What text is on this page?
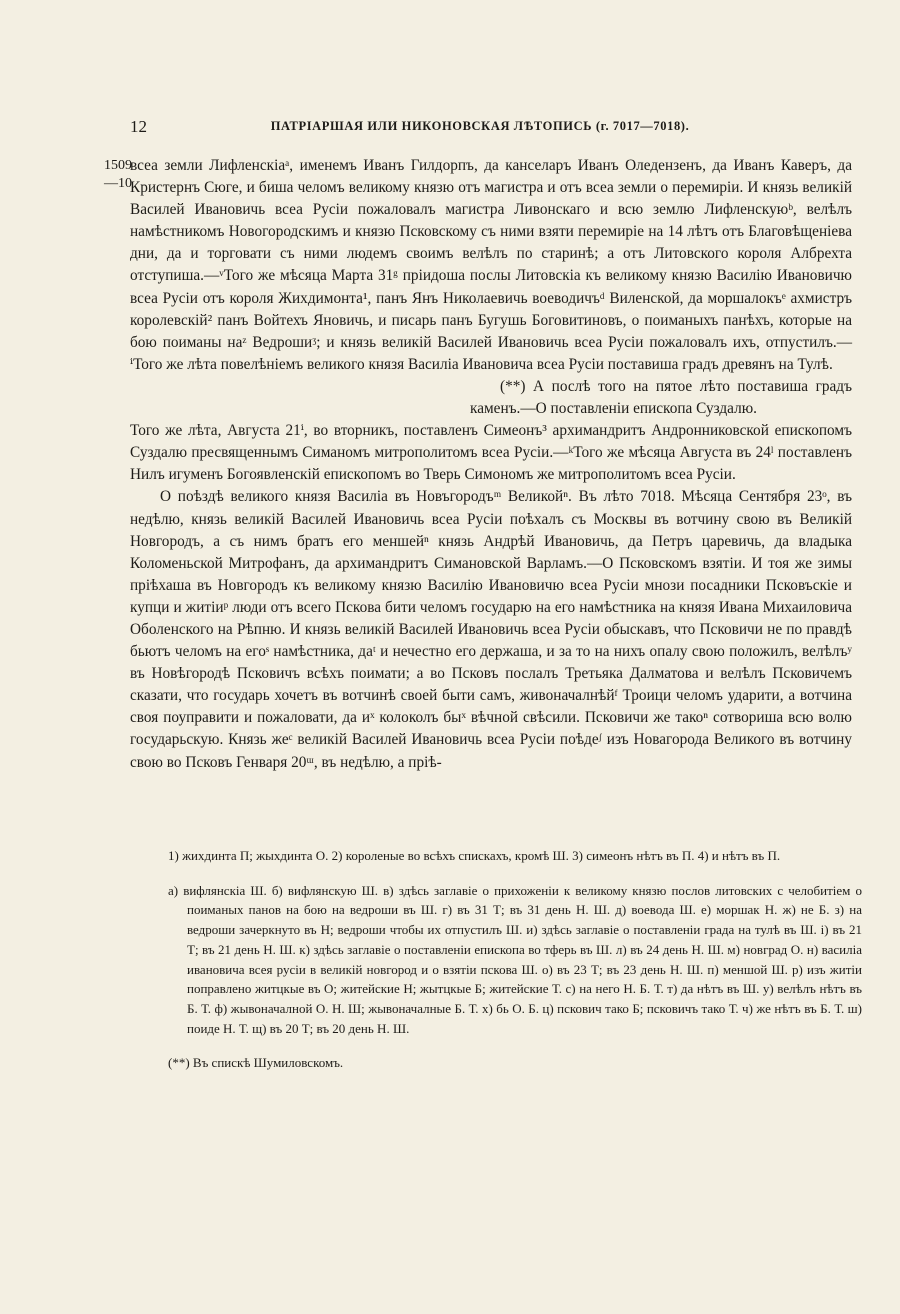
12	ПАТРІАРШАЯ ИЛИ НИКОНОВСКАЯ ЛѢТОПИСЬ (г. 7017—7018).
1509 —10

всеа земли Лифленскіаᵃ, именемъ Иванъ Гилдорпъ, да канселаръ Иванъ Оледензенъ, да Иванъ Каверъ, да Кристернъ Сюге, и биша челомъ великому князю отъ магистра и отъ всеа земли о перемиріи. И князь великій Василей Ивановичь всеа Русіи пожаловалъ магистра Ливонскаго и всю землю Лифленскуюᵇ, велѣлъ намѣстникомъ Новогородскимъ и князю Псковскому съ ними взяти перемиріе на 14 лѣтъ отъ Благовѣщеніева дни, да и торговати съ ними людемъ своимъ велѣлъ по старинѣ; а отъ Литовского короля Албрехта отступиша.—ᵛТого же мѣсяца Марта 31ᵍ пріидоша послы Литовскіа къ великому князю Василію Ивановичю всеа Русіи отъ короля Жихдимонта¹, панъ Янъ Николаевичь воеводичъᵈ Виленской, да моршалокъᵉ ахмистръ королевскій² панъ Войтехъ Яновичь, и писарь панъ Бугушь Боговитиновъ, о поиманыхъ панѣхъ, которые на бою поиманы наᶻ Ведрошиᶾ; и князь великій Василей Ивановичь всеа Русіи пожаловалъ ихъ, отпустилъ.—ⁱТого же лѣта повелѣніемъ великого князя Василіа Ивановича всеа Русіи поставиша градъ древянъ на Тулѣ.

(**) А послѣ того на пятое лѣто поставиша градъ каменъ.—О поставленіи епископа Суздалю.

Того же лѣта, Августа 21ⁱ, во вторникъ, поставленъ Симеонъ³ архимандритъ Андронниковской епископомъ Суздалю пресвященнымъ Симаномъ митрополитомъ всеа Русіи.—ᵏТого же мѣсяца Августа въ 24ˡ поставленъ Нилъ игуменъ Богоявленскій епископомъ во Тверь Симономъ же митрополитомъ всеа Русіи.

О поѣздѣ великого князя Василіа въ Новъгородъᵐ Великойⁿ. Въ лѣто 7018. Мѣсяца Сентября 23ᵒ, въ недѣлю, князь великій Василей Ивановичь всеа Русіи поѣхалъ съ Москвы въ вотчину свою въ Великій Новгородъ, а съ нимъ братъ его меншейⁿ князь Андрѣй Ивановичь, да Петръ царевичь, да владыка Коломеньской Митрофанъ, да архимандритъ Симановской Варламъ.—О Псковскомъ взятіи. И тоя же зимы пріѣхаша въ Новгородъ къ великому князю Василію Ивановичю всеа Русіи мнози посадники Псковъскіе и купци и житіиᵖ люди отъ всего Пскова бити челомъ государю на его намѣстника на князя Ивана Михаиловича Оболенского на Рѣпню. И князь великій Василей Ивановичь всеа Русіи обыскавъ, что Псковичи не по правдѣ бьютъ челомъ на егоˢ намѣстника, даᵗ и нечестно его держаша, и за то на нихъ опалу свою положилъ, велѣлъʸ въ Новѣгородѣ Псковичъ всѣхъ поимати; а во Псковъ послалъ Третьяка Далматова и велѣлъ Псковичемъ сказати, что государь хочетъ въ вотчинѣ своей быти самъ, живоначалнѣйᶠ Троици челомъ ударити, а вотчина своя поуправити и пожаловати, да иˣ колоколъ быˣ вѣчной свѣсили. Псковичи же такоⁿ сотвориша всю волю государьскую. Князь жеᶜ великій Василей Ивановичь всеа Русіи поѣдеᶴ изъ Новагорода Великого въ вотчину свою во Псковъ Генваря 20ᵚ, въ недѣлю, а пріѣ-

1) жихдинта П; жыхдинта О. 2) короленые во всѣхъ спискахъ, кромѣ Ш. 3) симеонъ нѣтъ въ П. 4) и нѣтъ въ П.

а) вифлянскіа Ш. б) вифлянскую Ш. в) здѣсь заглавіе о прихоженіи к великому князю послов литовских с челобитіем о пoиманых панов на бою на ведроши въ Ш. г) въ 31 Т; въ 31 день Н. Ш. д) воевода Ш. е) моршак Н. ж) не Б. з) на ведроши зачеркнуто въ Н; ведроши чтобы их отпустилъ Ш. и) здѣсь заглавіе о поставленіи града на тулѣ въ Ш. і) въ 21 Т; въ 21 день Н. Ш. к) здѣсь заглавіе о поставленіи епископа во тферь въ Ш. л) въ 24 день Н. Ш. м) новград О. н) василіа ивановича всея русіи в великій новгород и о взятіи пскова Ш. о) въ 23 Т; въ 23 день Н. Ш. п) меншой Ш. р) изъ житіи поправлено житцкые въ О; житейские Н; жытцкые Б; житейские Т. с) на него Н. Б. Т. т) да нѣтъ въ Ш. у) велѣлъ нѣтъ въ Б. Т. ф) жывоначалной О. Н. Ш; жывоначалные Б. Т. х) бь О. Б. ц) пскович тако Б; псковичъ тако Т. ч) же нѣтъ въ Б. Т. ш) поиде Н. Т. щ) въ 20 Т; въ 20 день Н. Ш.

(**) Въ спискѣ Шумиловскомъ.
